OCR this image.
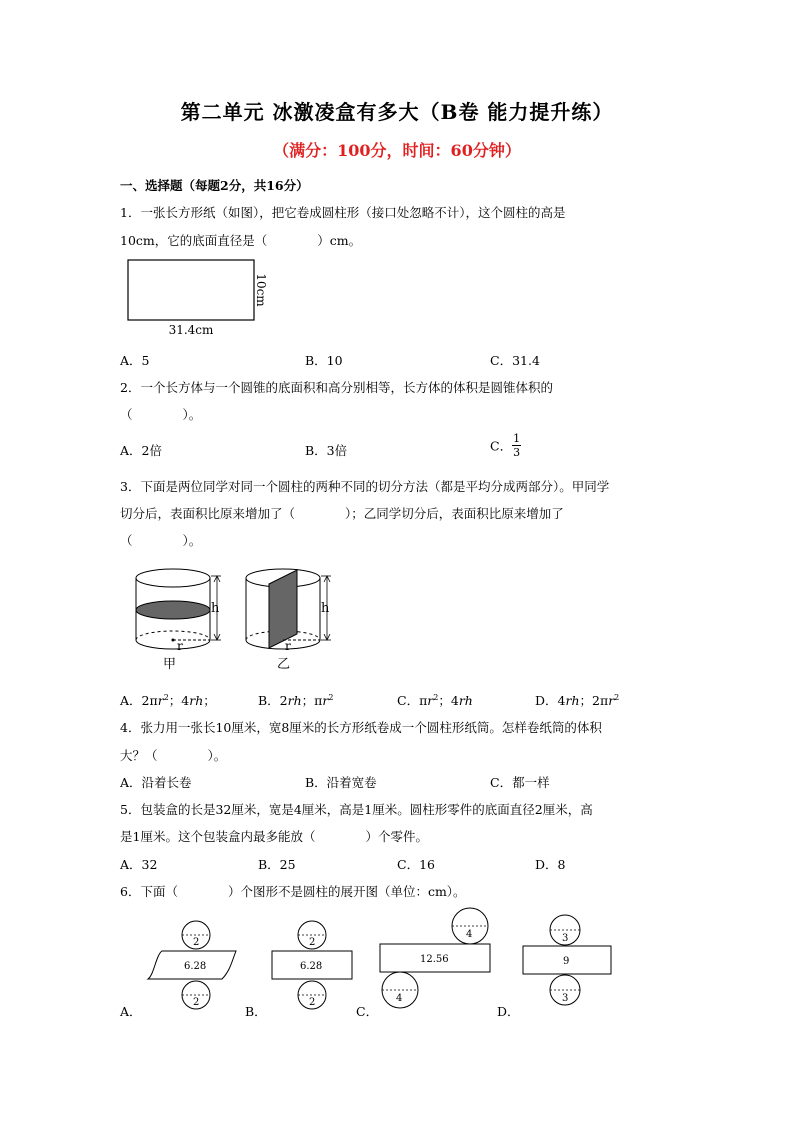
第二单元 冰激凌盒有多大（B卷 能力提升练）
（满分：100分，时间：60分钟）
一、选择题（每题2分，共16分）
1．一张长方形纸（如图），把它卷成圆柱形（接口处忽略不计），这个圆柱的高是
10cm，它的底面直径是（　　　　）cm。
31.4cm
10cm
A．5	B．10	C．31.4
2．一个长方体与一个圆锥的底面积和高分别相等，长方体的体积是圆锥体积的
（　　　　）。
A．2倍	B．3倍	C． $\frac{1}{3}$
3．下面是两位同学对同一个圆柱的两种不同的切分方法（都是平均分成两部分）。甲同学
切分后，表面积比原来增加了（　　　　）；乙同学切分后，表面积比原来增加了
（　　　　）。
r
h
甲
r
h
乙
A．$2\pi r^2$；4rh；	B．2rh；$\pi r^2$	C．$\pi r^2$；4rh	D．4rh；$2\pi r^2$
4．张力用一张长10厘米，宽8厘米的长方形纸卷成一个圆柱形纸筒。怎样卷纸筒的体积
大？（　　　　）。
A．沿着长卷	B．沿着宽卷	C．都一样
5．包装盒的长是32厘米，宽是4厘米，高是1厘米。圆柱形零件的底面直径2厘米，高
是1厘米。这个包装盒内最多能放（　　　　）个零件。
A．32	B．25	C．16	D．8
6．下面（　　　　）个图形不是圆柱的展开图（单位：cm）。
2
6.28
2
2
6.28
2
4
12.56
4
3
9
3
A．	B．	C．	D．
